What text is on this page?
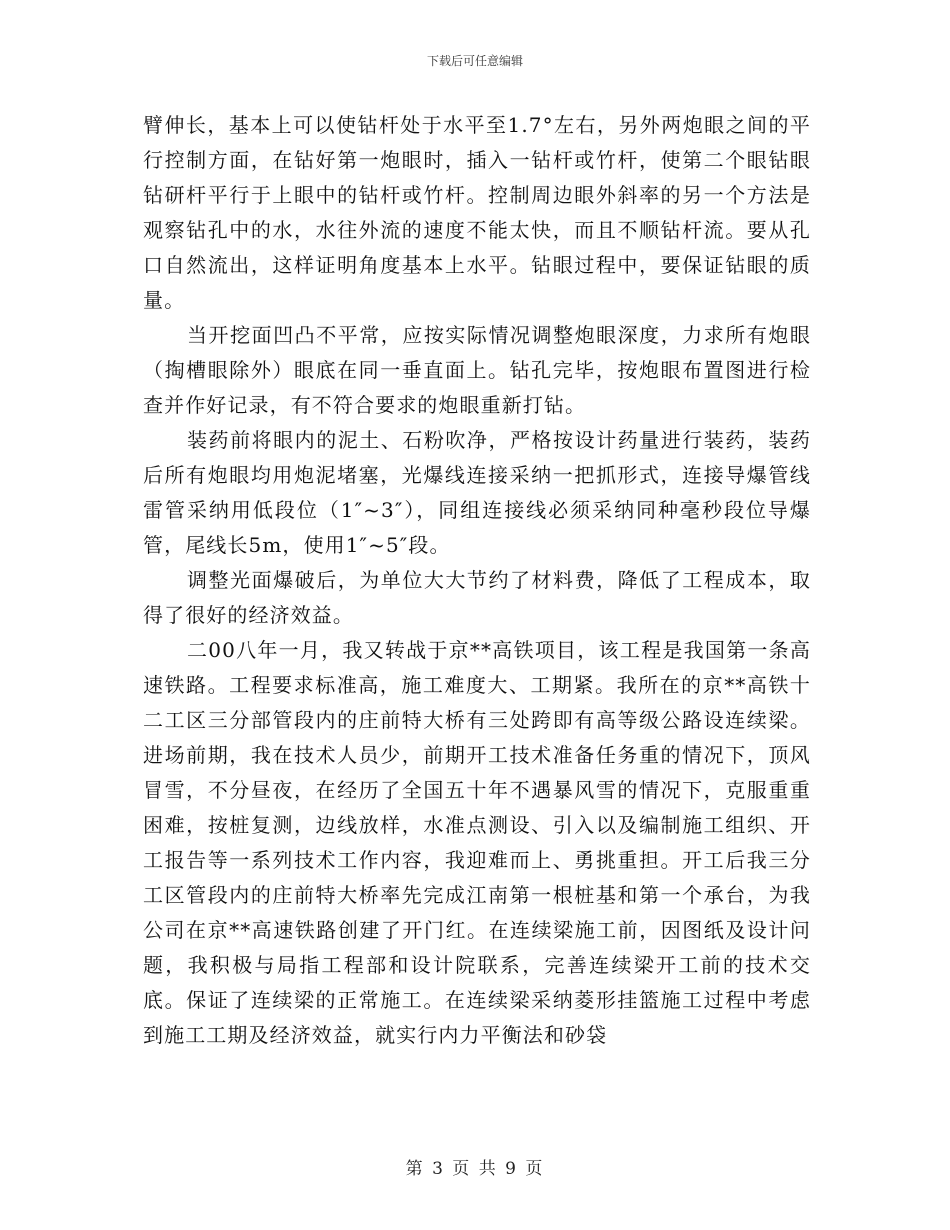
下载后可任意编辑

臂伸长，基本上可以使钻杆处于水平至1.7°左右，另外两炮眼之间的平行控制方面，在钻好第一炮眼时，插入一钻杆或竹杆，使第二个眼钻眼钻研杆平行于上眼中的钻杆或竹杆。控制周边眼外斜率的另一个方法是观察钻孔中的水，水往外流的速度不能太快，而且不顺钻杆流。要从孔口自然流出，这样证明角度基本上水平。钻眼过程中，要保证钻眼的质量。

当开挖面凹凸不平常，应按实际情况调整炮眼深度，力求所有炮眼（掏槽眼除外）眼底在同一垂直面上。钻孔完毕，按炮眼布置图进行检查并作好记录，有不符合要求的炮眼重新打钻。

装药前将眼内的泥土、石粉吹净，严格按设计药量进行装药，装药后所有炮眼均用炮泥堵塞，光爆线连接采纳一把抓形式，连接导爆管线雷管采纳用低段位（1″~3″），同组连接线必须采纳同种毫秒段位导爆管，尾线长5m，使用1″~5″段。

调整光面爆破后，为单位大大节约了材料费，降低了工程成本，取得了很好的经济效益。

二00八年一月，我又转战于京**高铁项目，该工程是我国第一条高速铁路。工程要求标准高，施工难度大、工期紧。我所在的京**高铁十二工区三分部管段内的庄前特大桥有三处跨即有高等级公路设连续梁。进场前期，我在技术人员少，前期开工技术准备任务重的情况下，顶风冒雪，不分昼夜，在经历了全国五十年不遇暴风雪的情况下，克服重重困难，按桩复测，边线放样，水准点测设、引入以及编制施工组织、开工报告等一系列技术工作内容，我迎难而上、勇挑重担。开工后我三分工区管段内的庄前特大桥率先完成江南第一根桩基和第一个承台，为我公司在京**高速铁路创建了开门红。在连续梁施工前，因图纸及设计问题，我积极与局指工程部和设计院联系，完善连续梁开工前的技术交底。保证了连续梁的正常施工。在连续梁采纳菱形挂篮施工过程中考虑到施工工期及经济效益，就实行内力平衡法和砂袋

第 3 页 共 9 页
